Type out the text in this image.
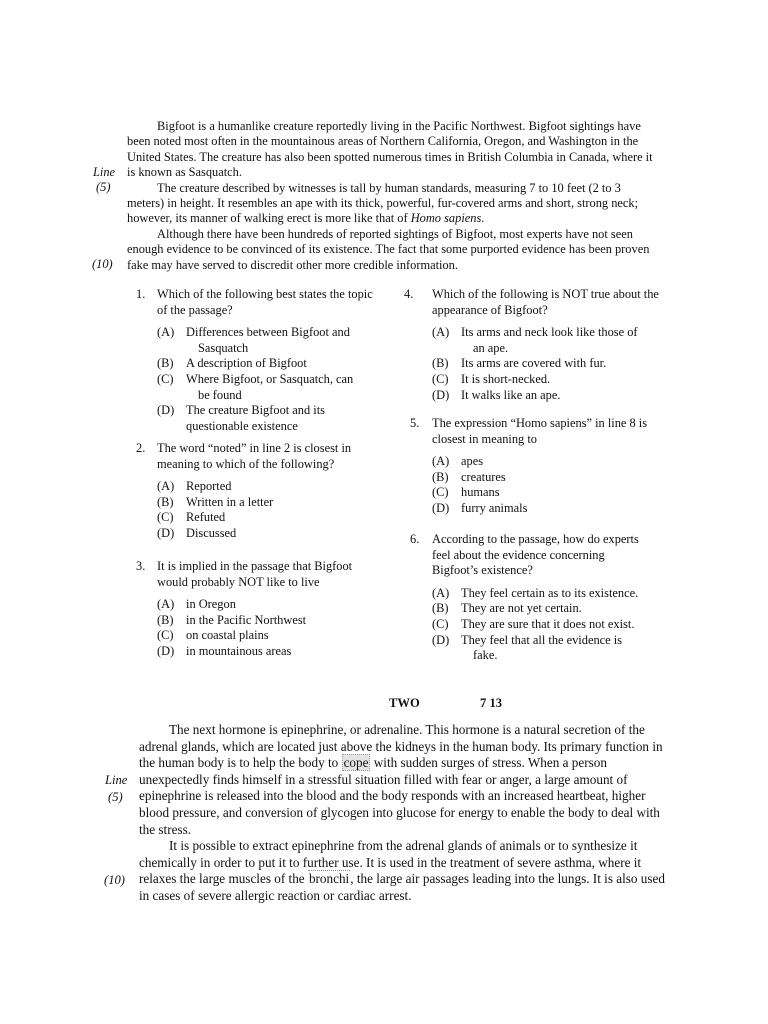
Bigfoot is a humanlike creature reportedly living in the Pacific Northwest. Bigfoot sightings have been noted most often in the mountainous areas of Northern California, Oregon, and Washington in the United States. The creature has also been spotted numerous times in British Columbia in Canada, where it is known as Sasquatch.

The creature described by witnesses is tall by human standards, measuring 7 to 10 feet (2 to 3 meters) in height. It resembles an ape with its thick, powerful, fur-covered arms and short, strong neck; however, its manner of walking erect is more like that of Homo sapiens.

Although there have been hundreds of reported sightings of Bigfoot, most experts have not seen enough evidence to be convinced of its existence. The fact that some purported evidence has been proven fake may have served to discredit other more credible information.

Line
(5)
(10)
1. Which of the following best states the topic of the passage?
(A) Differences between Bigfoot and
Sasquatch
(B) A description of Bigfoot
(C) Where Bigfoot, or Sasquatch, can
be found
(D) The creature Bigfoot and its
questionable existence
2. The word “noted” in line 2 is closest in meaning to which of the following?
(A) Reported
(B) Written in a letter
(C) Refuted
(D) Discussed
3. It is implied in the passage that Bigfoot would probably NOT like to live
(A) in Oregon
(B) in the Pacific Northwest
(C) on coastal plains
(D) in mountainous areas
4. Which of the following is NOT true about the appearance of Bigfoot?
(A) Its arms and neck look like those of
an ape.
(B) Its arms are covered with fur.
(C) It is short-necked.
(D) It walks like an ape.
5. The expression “Homo sapiens” in line 8 is closest in meaning to
(A) apes
(B) creatures
(C) humans
(D) furry animals
6. According to the passage, how do experts feel about the evidence concerning Bigfoot’s existence?
(A) They feel certain as to its existence.
(B) They are not yet certain.
(C) They are sure that it does not exist.
(D) They feel that all the evidence is
fake.
TWO	7 13

The next hormone is epinephrine, or adrenaline. This hormone is a natural secretion of the adrenal glands, which are located just above the kidneys in the human body. Its primary function in the human body is to help the body to cope with sudden surges of stress. When a person unexpectedly finds himself in a stressful situation filled with fear or anger, a large amount of epinephrine is released into the blood and the body responds with an increased heartbeat, higher blood pressure, and conversion of glycogen into glucose for energy to enable the body to deal with the stress.

It is possible to extract epinephrine from the adrenal glands of animals or to synthesize it chemically in order to put it to further use. It is used in the treatment of severe asthma, where it relaxes the large muscles of the bronchi, the large air passages leading into the lungs. It is also used in cases of severe allergic reaction or cardiac arrest.

Line
(5)
(10)
